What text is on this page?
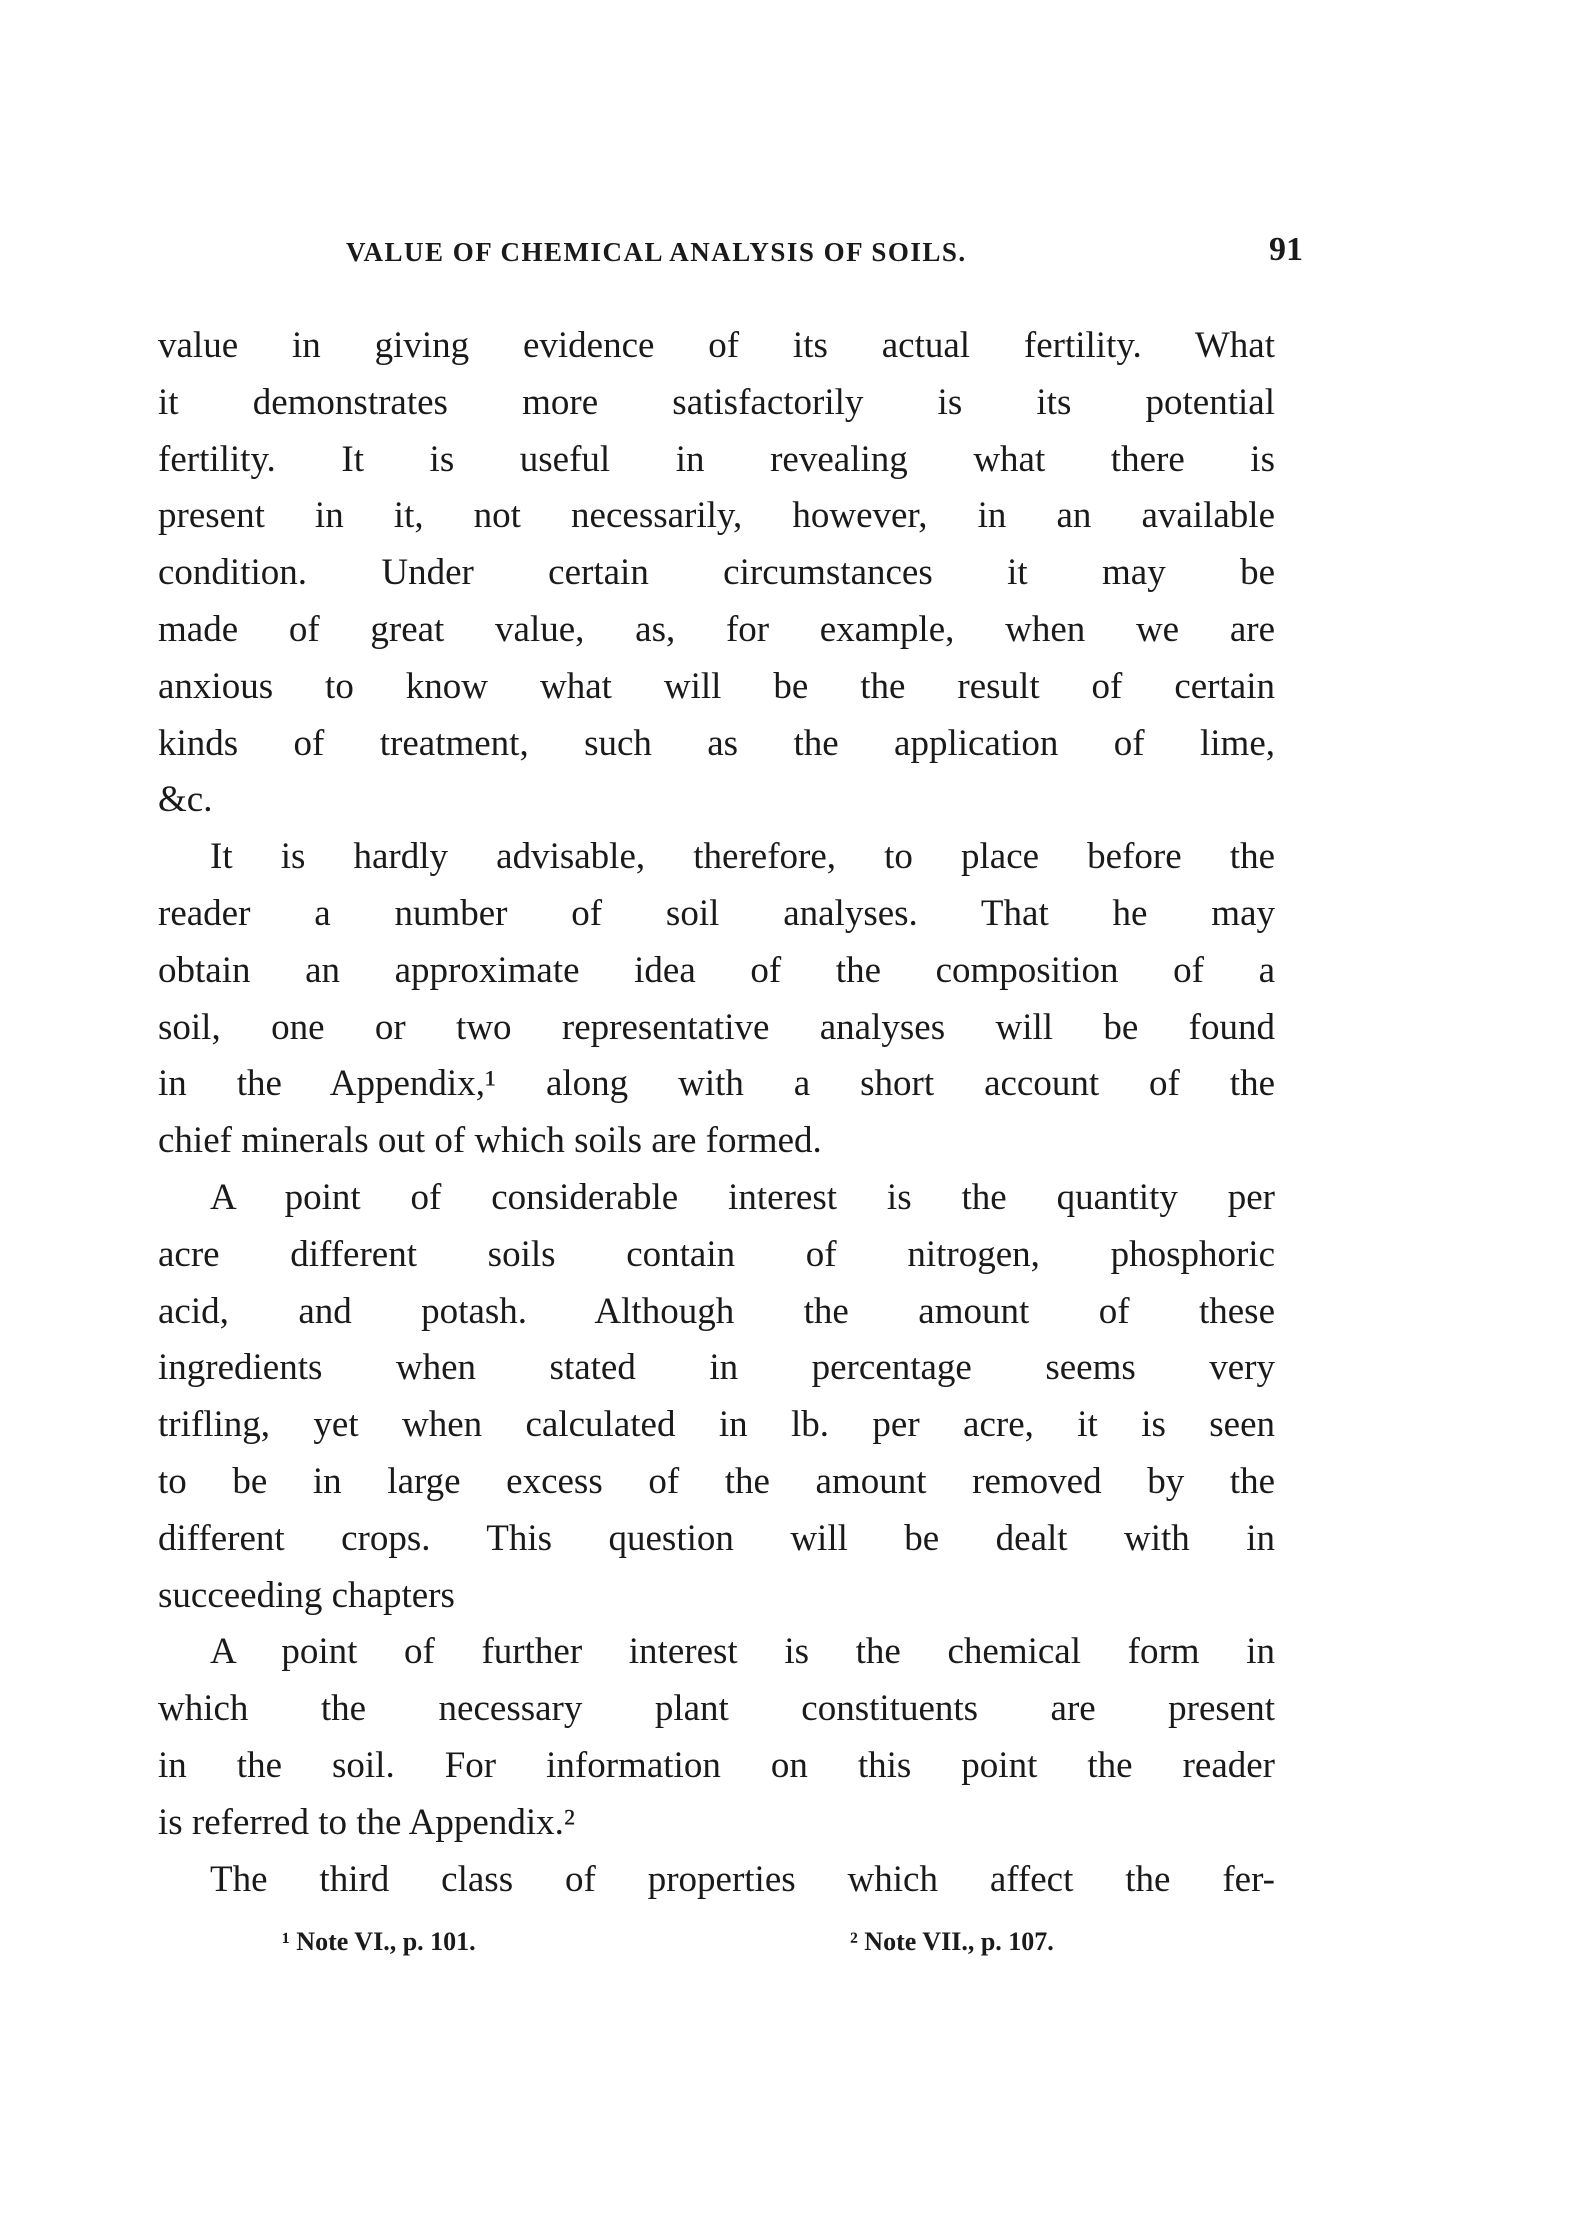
VALUE OF CHEMICAL ANALYSIS OF SOILS.	91
value in giving evidence of its actual fertility. What
it demonstrates more satisfactorily is its potential
fertility. It is useful in revealing what there is
present in it, not necessarily, however, in an available
condition. Under certain circumstances it may be
made of great value, as, for example, when we are
anxious to know what will be the result of certain
kinds of treatment, such as the application of lime,
&c.
It is hardly advisable, therefore, to place before the
reader a number of soil analyses. That he may
obtain an approximate idea of the composition of a
soil, one or two representative analyses will be found
in the Appendix,¹ along with a short account of the
chief minerals out of which soils are formed.
A point of considerable interest is the quantity per
acre different soils contain of nitrogen, phosphoric
acid, and potash. Although the amount of these
ingredients when stated in percentage seems very
trifling, yet when calculated in lb. per acre, it is seen
to be in large excess of the amount removed by the
different crops. This question will be dealt with in
succeeding chapters
A point of further interest is the chemical form in
which the necessary plant constituents are present
in the soil. For information on this point the reader
is referred to the Appendix.²
The third class of properties which affect the fer-
¹ Note VI., p. 101.	² Note VII., p. 107.
